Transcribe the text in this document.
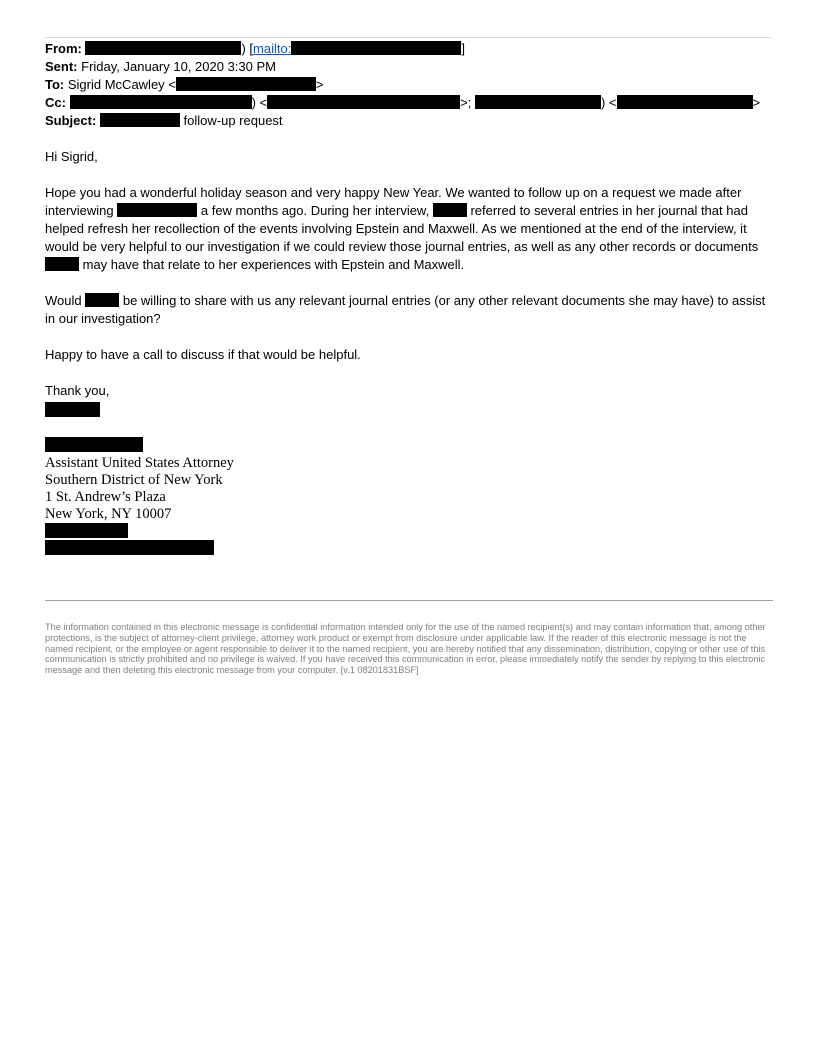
From:	) [mailto:	]
Sent: Friday, January 10, 2020 3:30 PM
To: Sigrid McCawley <	>
Cc:	) <	>;	) <	>
Subject:	follow-up request
Hi Sigrid,
Hope you had a wonderful holiday season and very happy New Year. We wanted to follow up on a request we made after interviewing	a few months ago. During her interview,	referred to several entries in her journal that had helped refresh her recollection of the events involving Epstein and Maxwell. As we mentioned at the end of the interview, it would be very helpful to our investigation if we could review those journal entries, as well as any other records or documents  may have that relate to her experiences with Epstein and Maxwell.
Would	be willing to share with us any relevant journal entries (or any other relevant documents she may have) to assist in our investigation?
Happy to have a call to discuss if that would be helpful.
Thank you,
Assistant United States Attorney
Southern District of New York
1 St. Andrew’s Plaza
New York, NY 10007
The information contained in this electronic message is confidential information intended only for the use of the named recipient(s) and may contain information that, among other protections, is the subject of attorney-client privilege, attorney work product or exempt from disclosure under applicable law. If the reader of this electronic message is not the named recipient, or the employee or agent responsible to deliver it to the named recipient, you are hereby notified that any dissemination, distribution, copying or other use of this communication is strictly prohibited and no privilege is waived. If you have received this communication in error, please immediately notify the sender by replying to this electronic message and then deleting this electronic message from your computer. [v.1 08201831BSF]
